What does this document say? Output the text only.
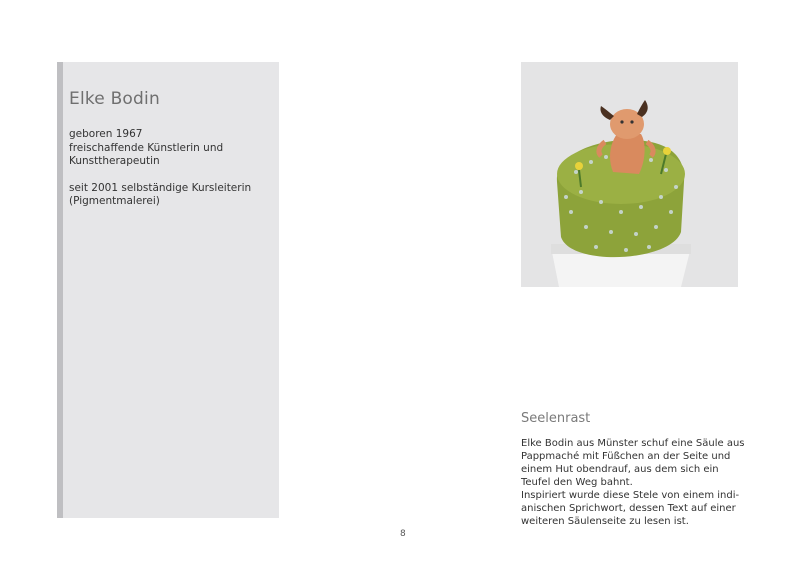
Elke Bodin

geboren 1967
freischaffende Künstlerin und
Kunsttherapeutin

seit 2001 selbständige Kursleiterin
(Pigmentmalerei)

Seelenrast
Elke Bodin aus Münster schuf eine Säule aus
Pappmaché mit Füßchen an der Seite und
einem Hut obendrauf, aus dem sich ein
Teufel den Weg bahnt.
Inspiriert wurde diese Stele von einem indi-
anischen Sprichwort, dessen Text auf einer
weiteren Säulenseite zu lesen ist.
8
